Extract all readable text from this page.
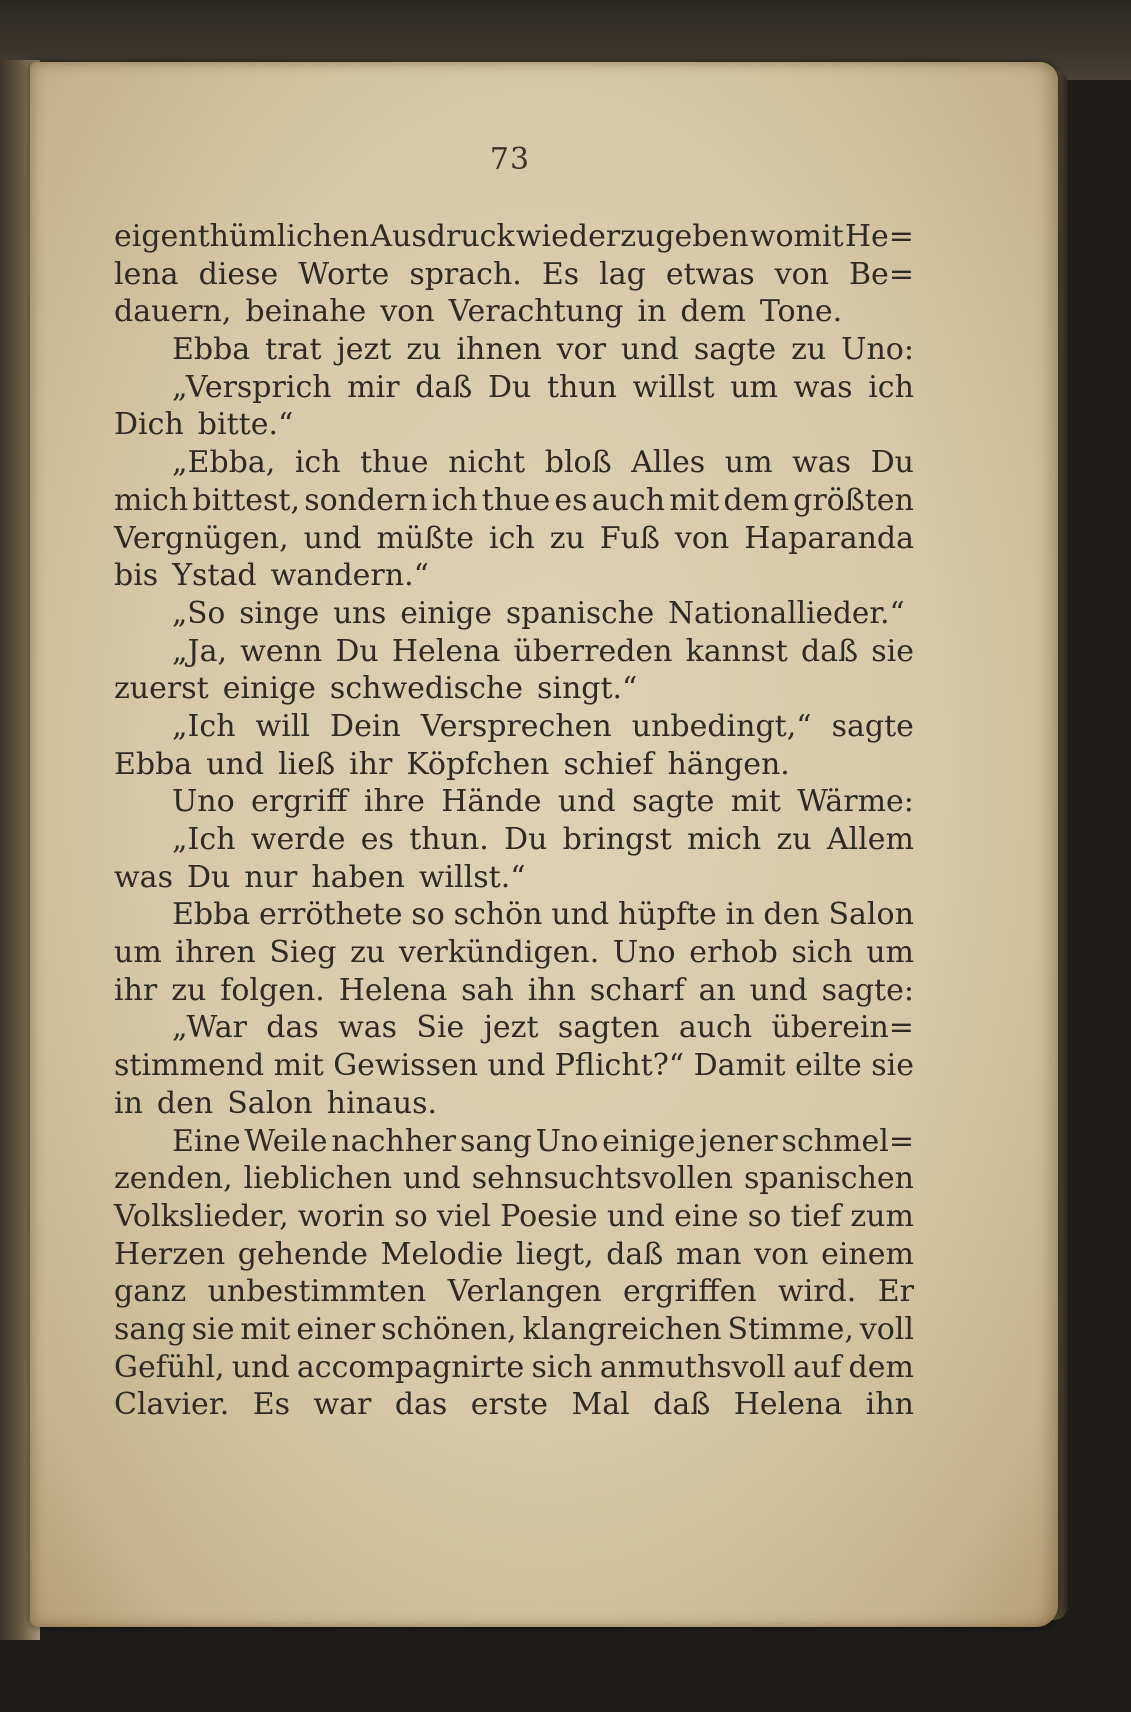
73
eigenthümlichen Ausdruck wiederzugeben womit He=
lena diese Worte sprach. Es lag etwas von Be=
dauern, beinahe von Verachtung in dem Tone.
Ebba trat jezt zu ihnen vor und sagte zu Uno:
„Versprich mir daß Du thun willst um was ich
Dich bitte.“
„Ebba, ich thue nicht bloß Alles um was Du
mich bittest, sondern ich thue es auch mit dem größten
Vergnügen, und müßte ich zu Fuß von Haparanda
bis Ystad wandern.“
„So singe uns einige spanische Nationallieder.“
„Ja, wenn Du Helena überreden kannst daß sie
zuerst einige schwedische singt.“
„Ich will Dein Versprechen unbedingt,“ sagte
Ebba und ließ ihr Köpfchen schief hängen.
Uno ergriff ihre Hände und sagte mit Wärme:
„Ich werde es thun. Du bringst mich zu Allem
was Du nur haben willst.“
Ebba erröthete so schön und hüpfte in den Salon
um ihren Sieg zu verkündigen. Uno erhob sich um
ihr zu folgen. Helena sah ihn scharf an und sagte:
„War das was Sie jezt sagten auch überein=
stimmend mit Gewissen und Pflicht?“ Damit eilte sie
in den Salon hinaus.
Eine Weile nachher sang Uno einige jener schmel=
zenden, lieblichen und sehnsuchtsvollen spanischen
Volkslieder, worin so viel Poesie und eine so tief zum
Herzen gehende Melodie liegt, daß man von einem
ganz unbestimmten Verlangen ergriffen wird. Er
sang sie mit einer schönen, klangreichen Stimme, voll
Gefühl, und accompagnirte sich anmuthsvoll auf dem
Clavier. Es war das erste Mal daß Helena ihn
